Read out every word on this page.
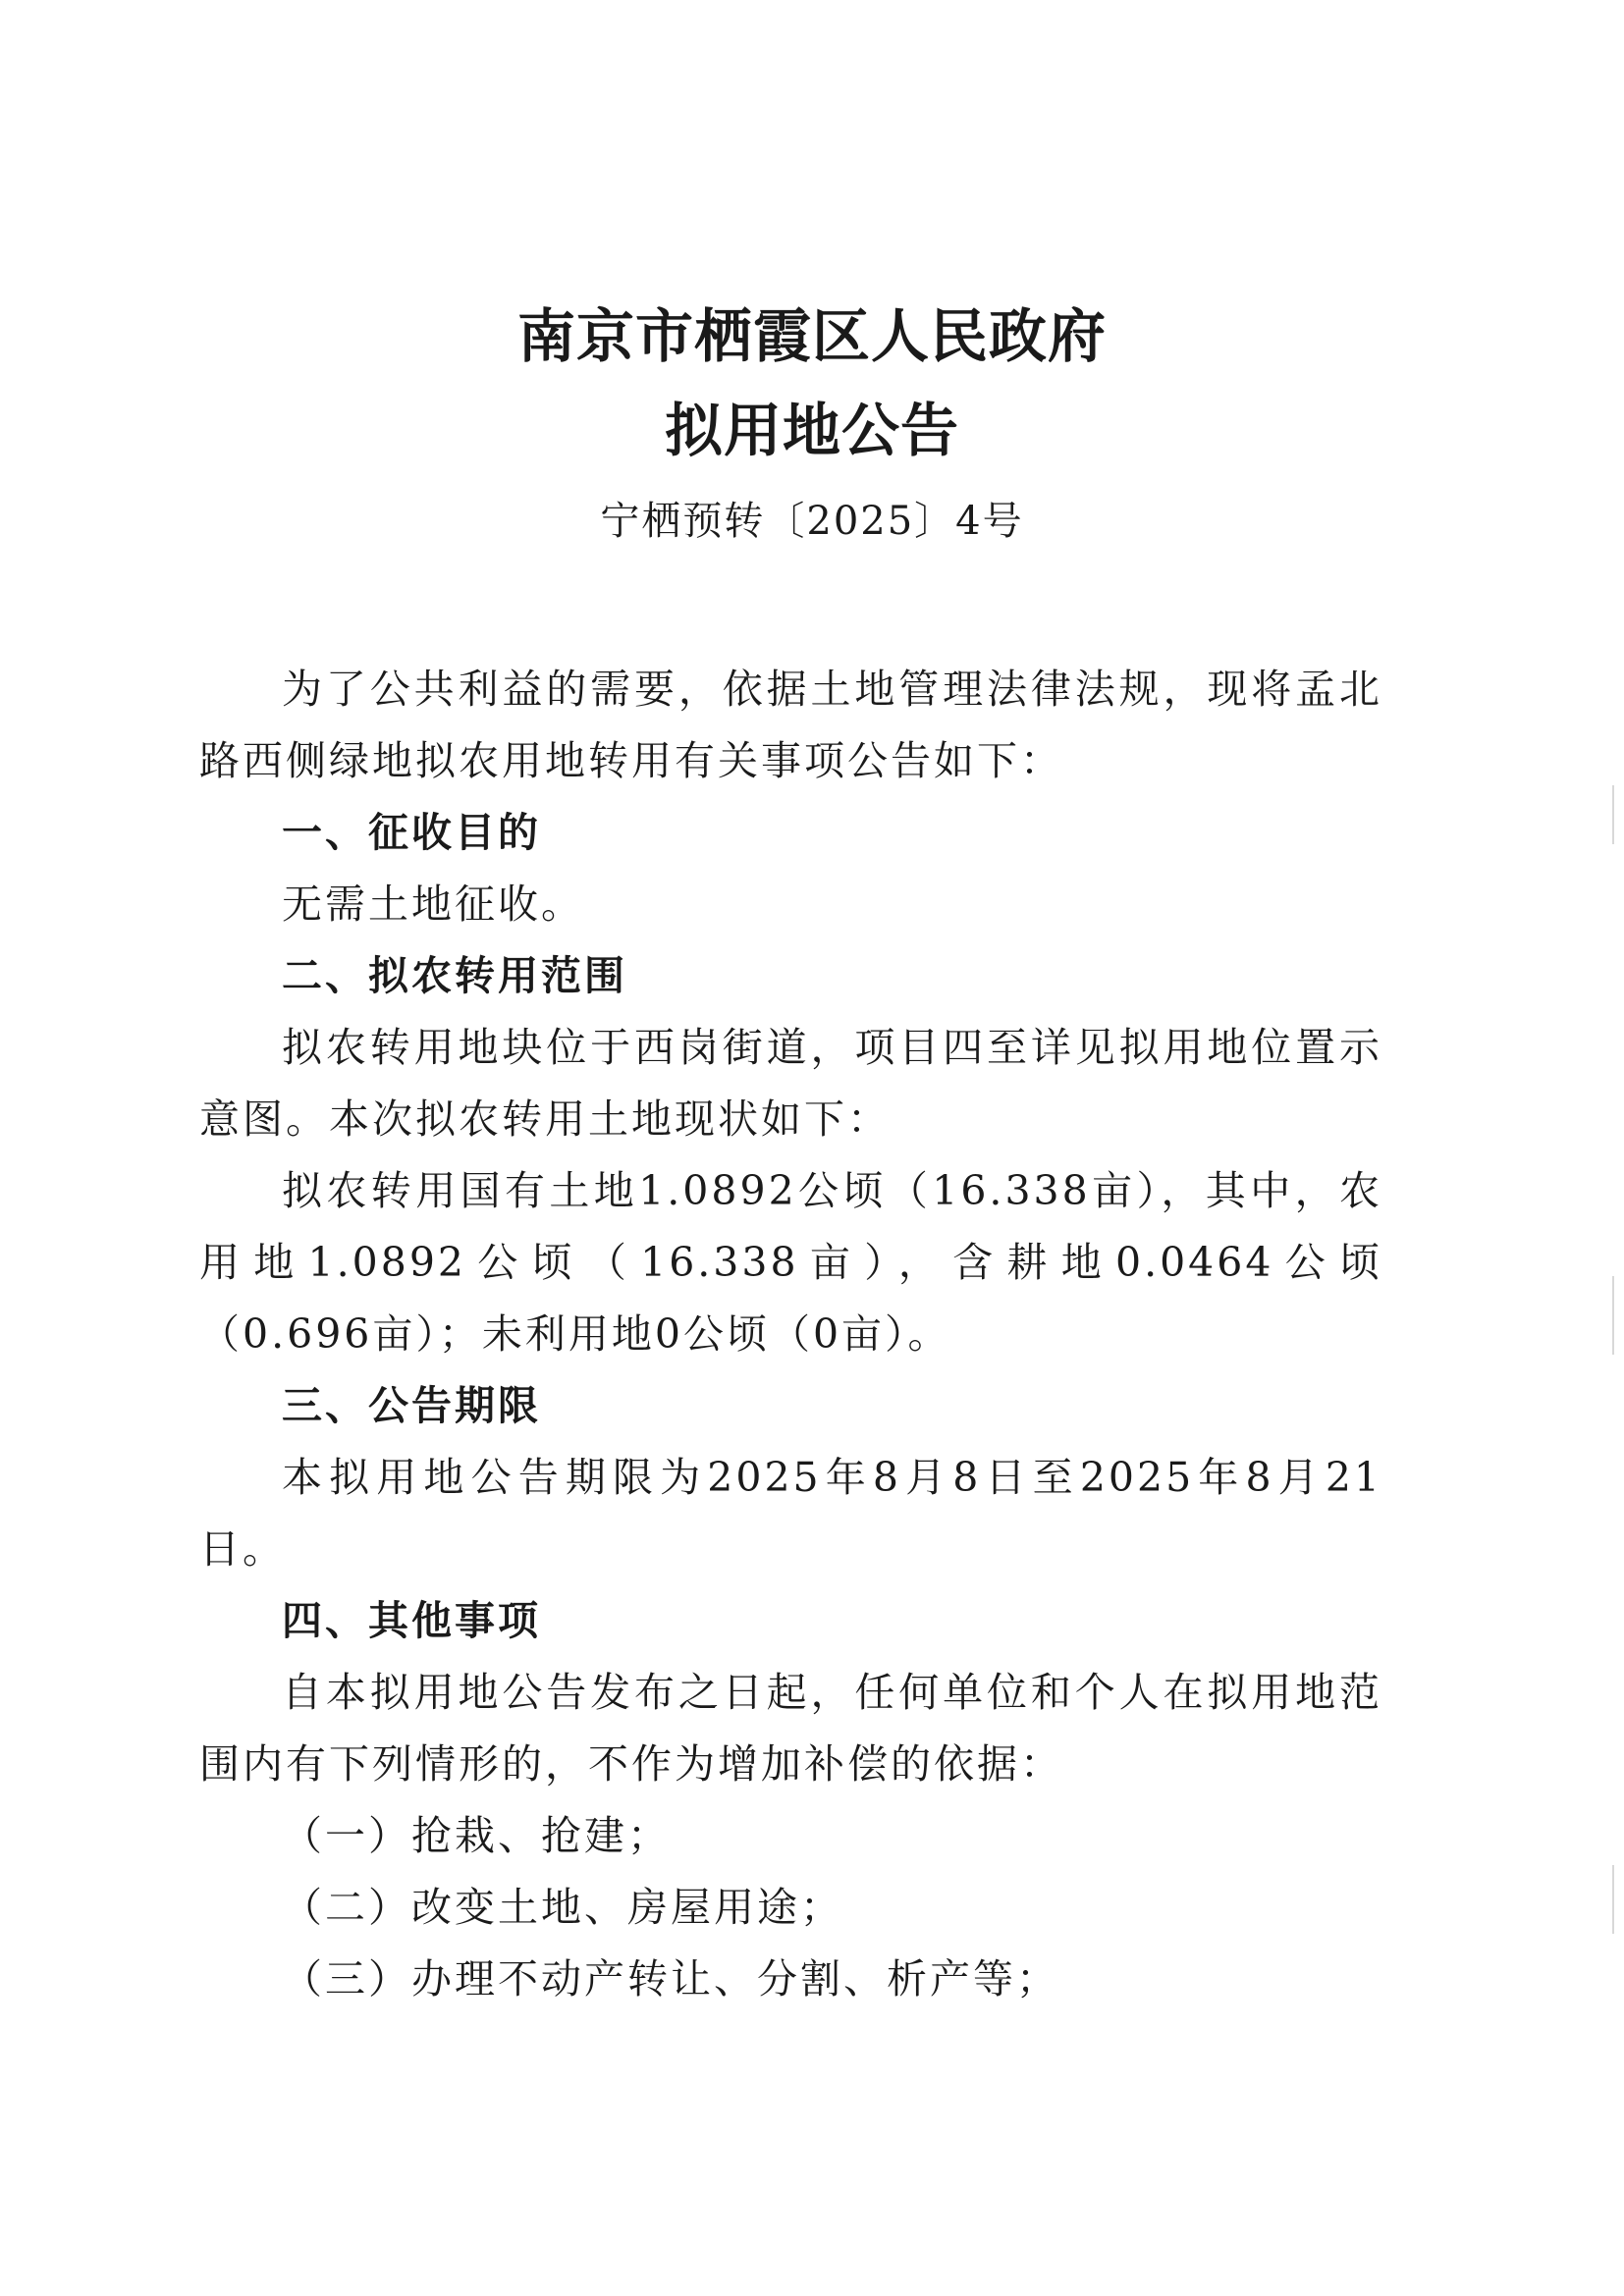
南京市栖霞区人民政府
拟用地公告
宁栖预转〔2025〕4号

为了公共利益的需要，依据土地管理法律法规，现将孟北路西侧绿地拟农用地转用有关事项公告如下：

一、征收目的

无需土地征收。

二、拟农转用范围

拟农转用地块位于西岗街道，项目四至详见拟用地位置示意图。本次拟农转用土地现状如下：

拟农转用国有土地1.0892公顷（16.338亩），其中，农用地1.0892公顷（16.338亩），含耕地0.0464公顷（0.696亩）；未利用地0公顷（0亩）。

三、公告期限

本拟用地公告期限为2025年8月8日至2025年8月21日。

四、其他事项

自本拟用地公告发布之日起，任何单位和个人在拟用地范围内有下列情形的，不作为增加补偿的依据：

（一）抢栽、抢建；
（二）改变土地、房屋用途；
（三）办理不动产转让、分割、析产等；
